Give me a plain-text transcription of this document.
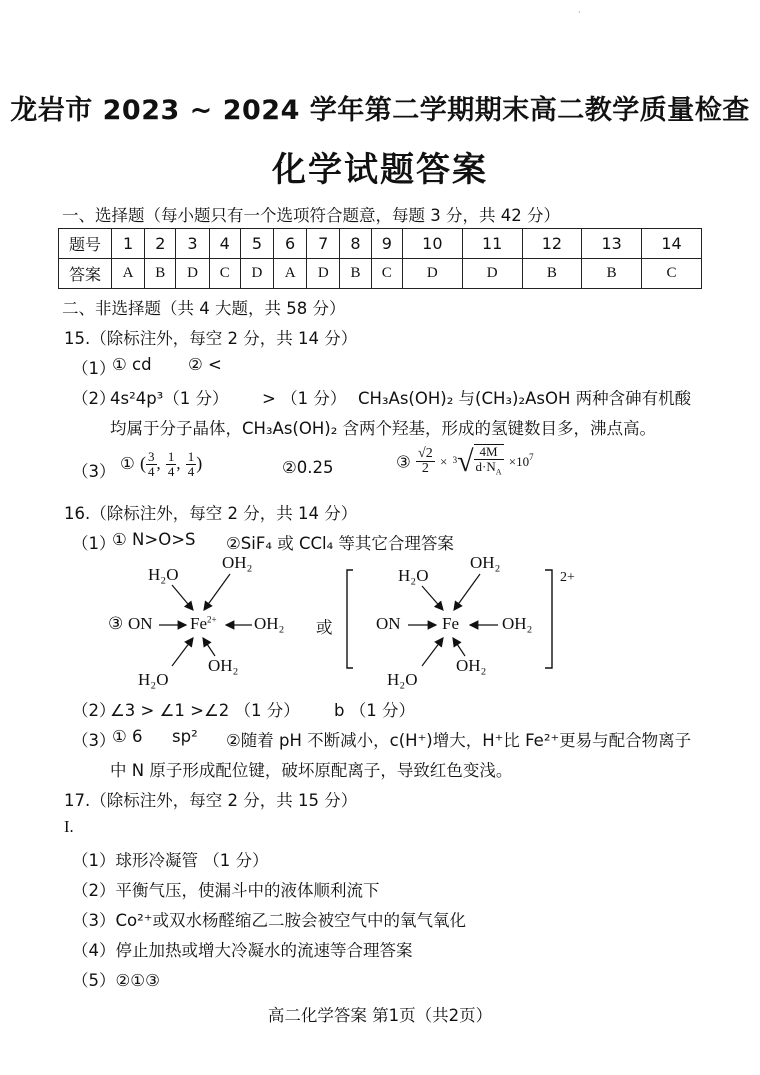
·
龙岩市 2023 ~ 2024 学年第二学期期末高二教学质量检查
化学试题答案
一、选择题（每小题只有一个选项符合题意，每题 3 分，共 42 分）
题号	1	2	3	4	5	6	7	8	9	10	11	12	13	14
答案	A	B	D	C	D	A	D	B	C	D	D	B	B	C
二、非选择题（共 4 大题，共 58 分）
15.（除标注外，每空 2 分，共 14 分）
（1）
① cd ② <
（2）
4s²4p³（1 分） > （1 分） CH₃As(OH)₂ 与(CH₃)₂AsOH 两种含砷有机酸
均属于分子晶体，CH₃As(OH)₂ 含两个羟基，形成的氢键数目多，沸点高。
（3） ① ( $\frac{3}{4}$ , $\frac{1}{4}$ , $\frac{1}{4}$ )	②0.25	③ $\frac{√2}{2} \times 3√ \frac{4M}{d\cdot N_A} \times 10^7$
16.（除标注外，每空 2 分，共 14 分）
（1）
① N>O>S ②SiF₄ 或 CCl₄ 等其它合理答案
H₂O
OH₂
③ ON $Fe^{2+}$ OH₂
OH₂
H₂O
或
H₂O
OH₂
2+
ON Fe	OH₂
OH₂
H₂O
（2）
∠3 > ∠1 >∠2 （1 分） b （1 分）
（3）
① 6 sp² ②随着 pH 不断减小，c(H⁺)增大，H⁺比 Fe²⁺更易与配合物离子
中 N 原子形成配位键，破坏原配离子，导致红色变浅。
17.（除标注外，每空 2 分，共 15 分）
I.
（1）球形冷凝管 （1 分）
（2）平衡气压，使漏斗中的液体顺利流下
（3）Co²⁺或双水杨醛缩乙二胺会被空气中的氧气氧化
（4）停止加热或增大冷凝水的流速等合理答案
（5）②①③
高二化学答案 第1页（共2页）
